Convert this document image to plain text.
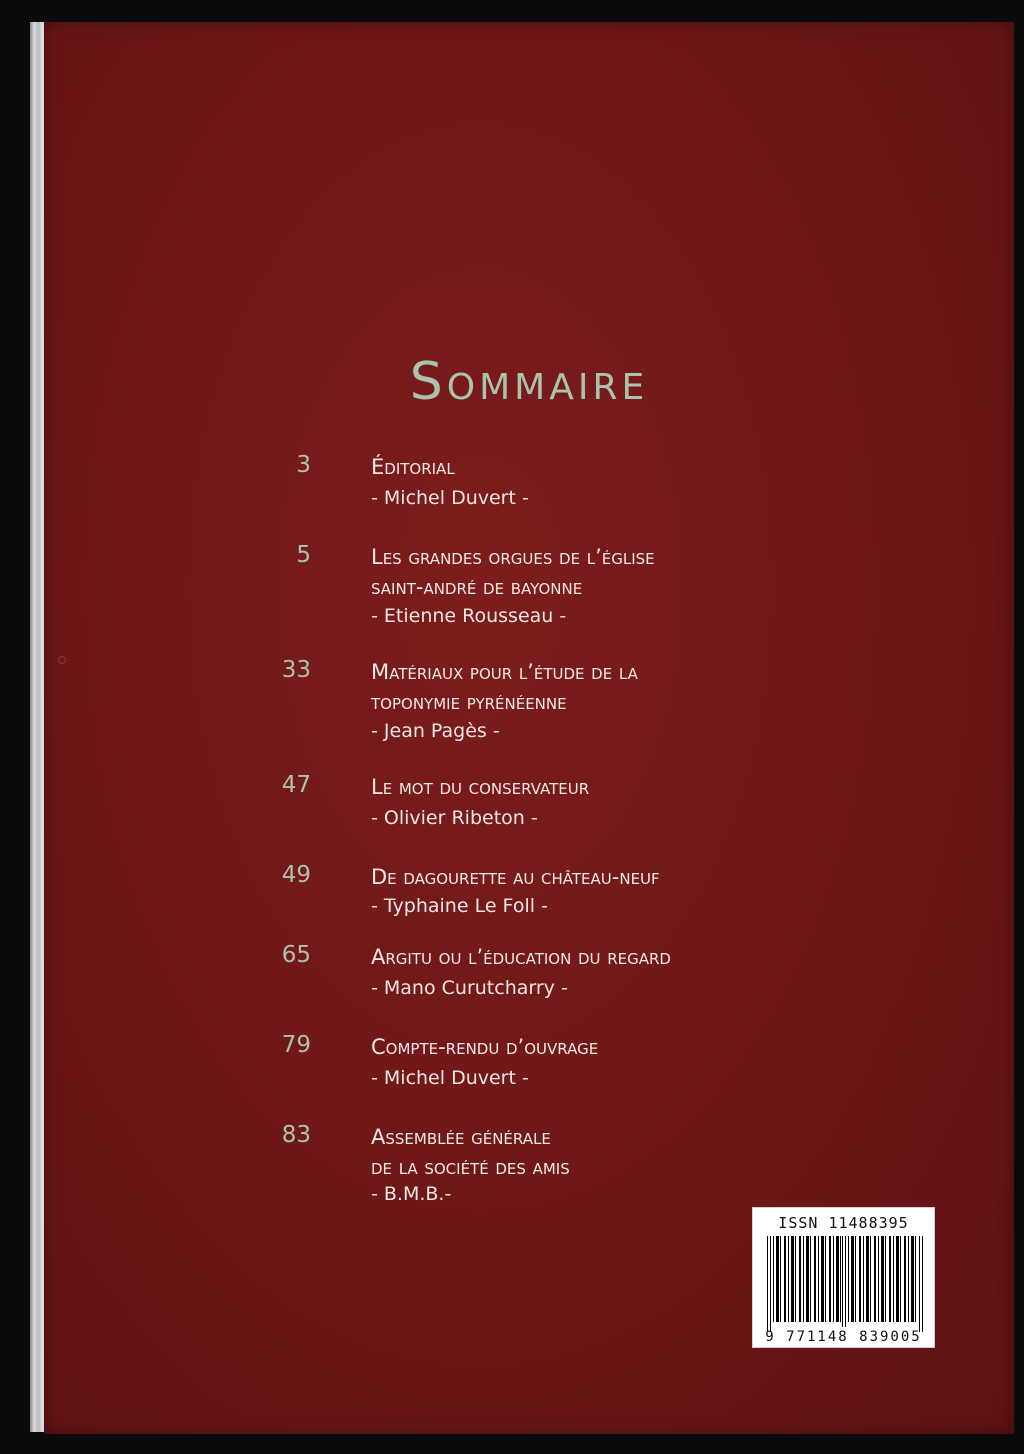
Sommaire
3	Éditorial
- Michel Duvert -
5	Les grandes orgues de l’église
saint-andré de bayonne
- Etienne Rousseau -
33	Matériaux pour l’étude de la
toponymie pyrénéenne
- Jean Pagès -
47	Le mot du conservateur
- Olivier Ribeton -
49	De dagourette au château-neuf
- Typhaine Le Foll -
65	Argitu ou l’éducation du regard
- Mano Curutcharry -
79	Compte-rendu d’ouvrage
- Michel Duvert -
83	Assemblée générale
de la société des amis
- B.M.B.-
ISSN 11488395
9 771148 839005
